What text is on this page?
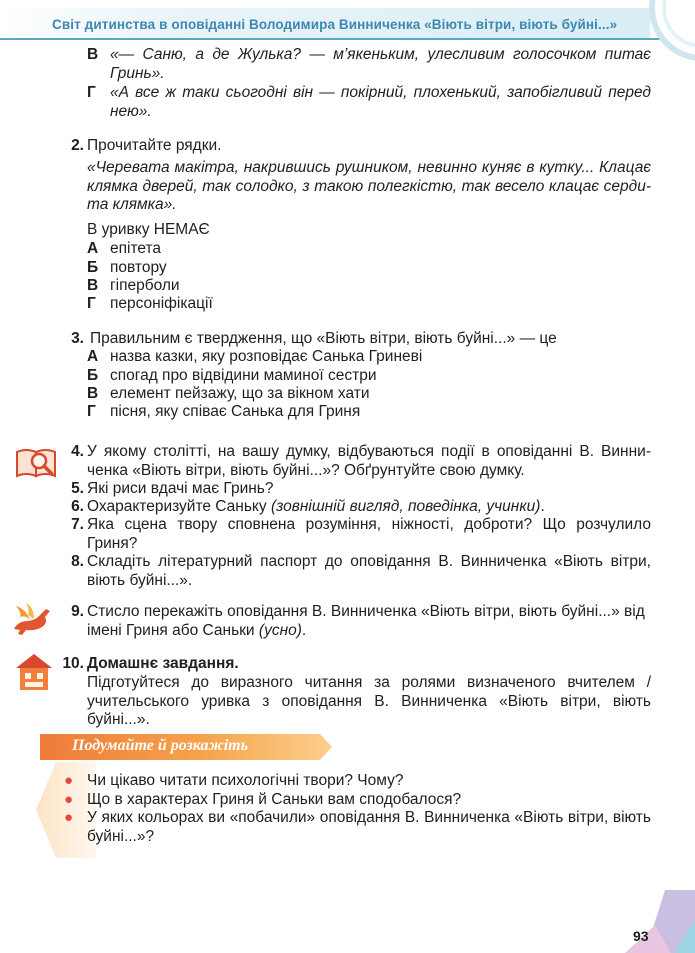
Світ дитинства в оповіданні Володимира Винниченка «Віють вітри, віють буйні...»
В «— Саню, а де Жулька? — м’якеньким, улесливим голосочком питає Гринь».
Г «А все ж таки сьогодні він — покірний, плохенький, запобігливий перед нею».
2. Прочитайте рядки.
«Черевата макітра, накрившись рушником, невинно куняє в кутку... Клацає клямка дверей, так солодко, з такою полегкістю, так весело клацає серди-та клямка».
В уривку НЕМАЄ
А епітета
Б повтору
В гіперболи
Г персоніфікації
3. Правильним є твердження, що «Віють вітри, віють буйні...» — це
А назва казки, яку розповідає Санька Гриневі
Б спогад про відвідини маминої сестри
В елемент пейзажу, що за вікном хати
Г пісня, яку співає Санька для Гриня
4. У якому столітті, на вашу думку, відбуваються події в оповіданні В. Винни-ченка «Віють вітри, віють буйні...»? Обґрунтуйте свою думку.
5. Які риси вдачі має Гринь?
6. Охарактеризуйте Саньку (зовнішній вигляд, поведінка, учинки).
7. Яка сцена твору сповнена розуміння, ніжності, доброти? Що розчулило Гриня?
8. Складіть літературний паспорт до оповідання В. Винниченка «Віють вітри, віють буйні...».
9. Стисло перекажіть оповідання В. Винниченка «Віють вітри, віють буйні...» від імені Гриня або Саньки (усно).
10. Домашнє завдання.
Підготуйтеся до виразного читання за ролями визначеного вчителем / учительського уривка з оповідання В. Винниченка «Віють вітри, віють буйні...».
Подумайте й розкажіть
● Чи цікаво читати психологічні твори? Чому?
● Що в характерах Гриня й Саньки вам сподобалося?
● У яких кольорах ви «побачили» оповідання В. Винниченка «Віють вітри, віють буйні...»?
93
